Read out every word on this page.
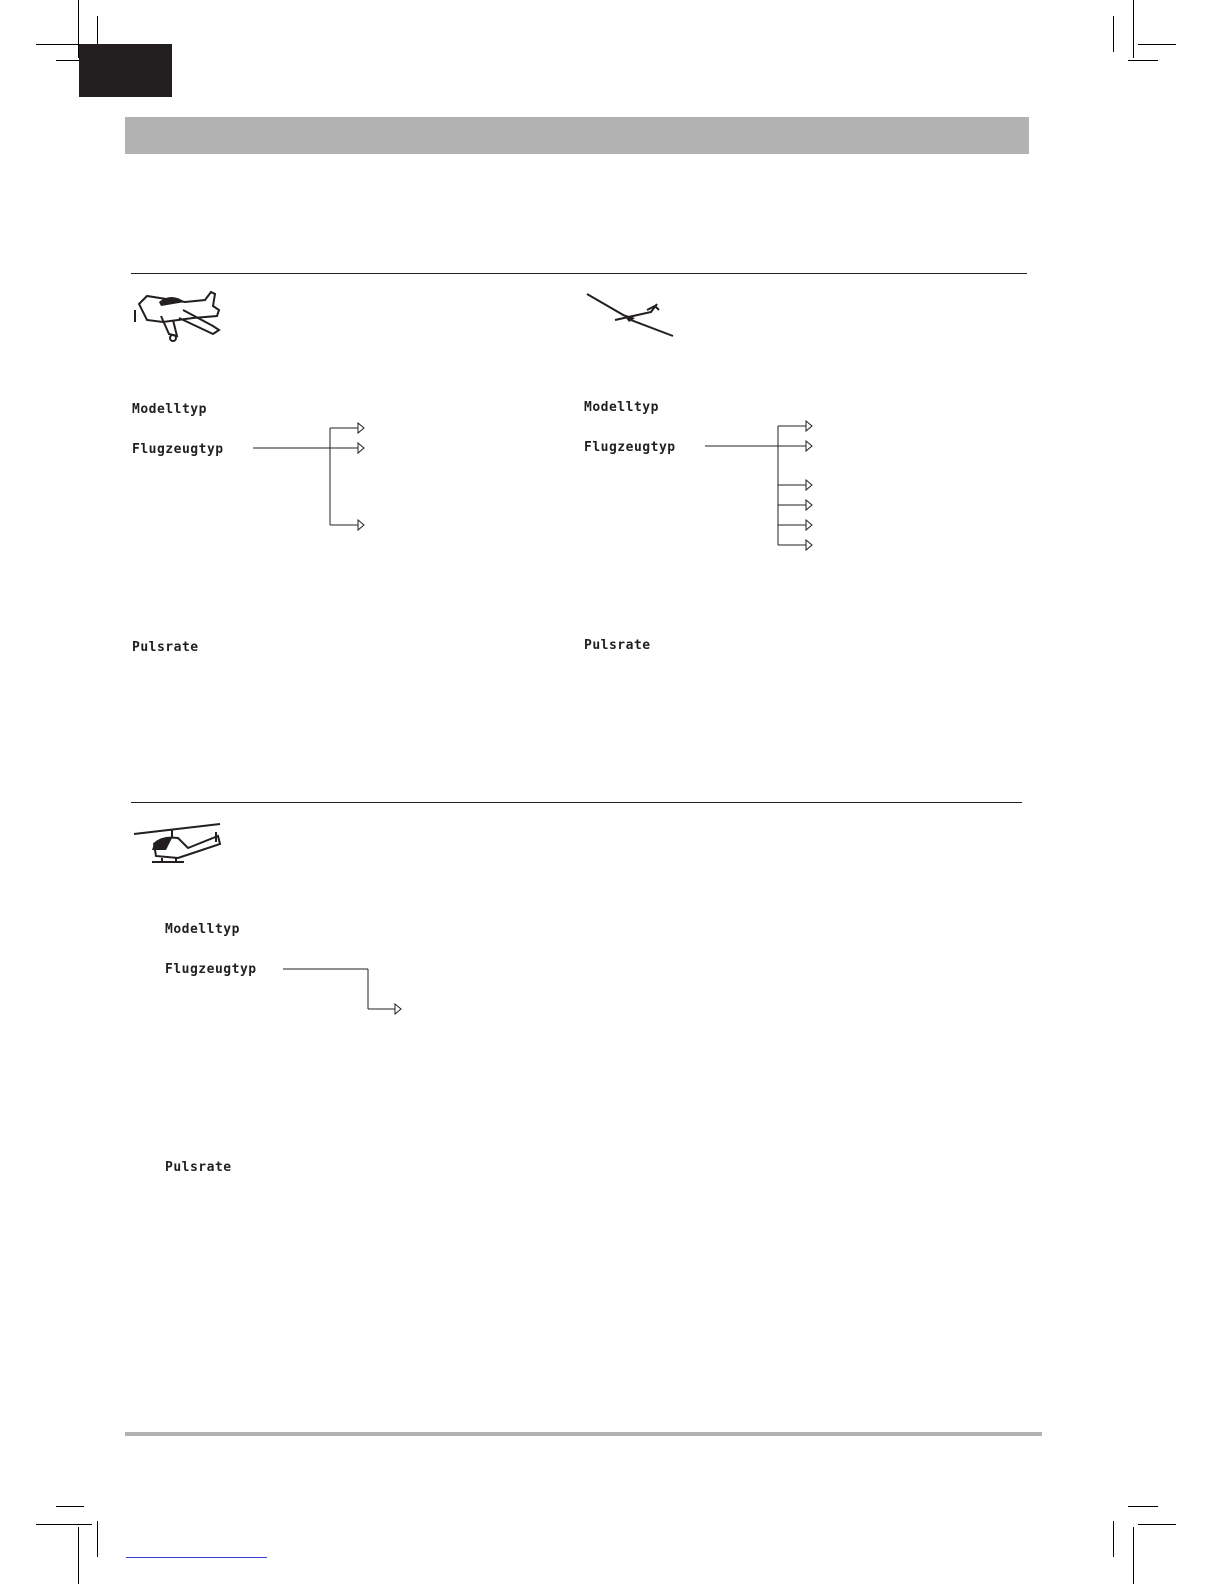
Modelltyp
Flugzeugtyp
Pulsrate
Modelltyp
Flugzeugtyp
Pulsrate
Modelltyp
Flugzeugtyp
Pulsrate
